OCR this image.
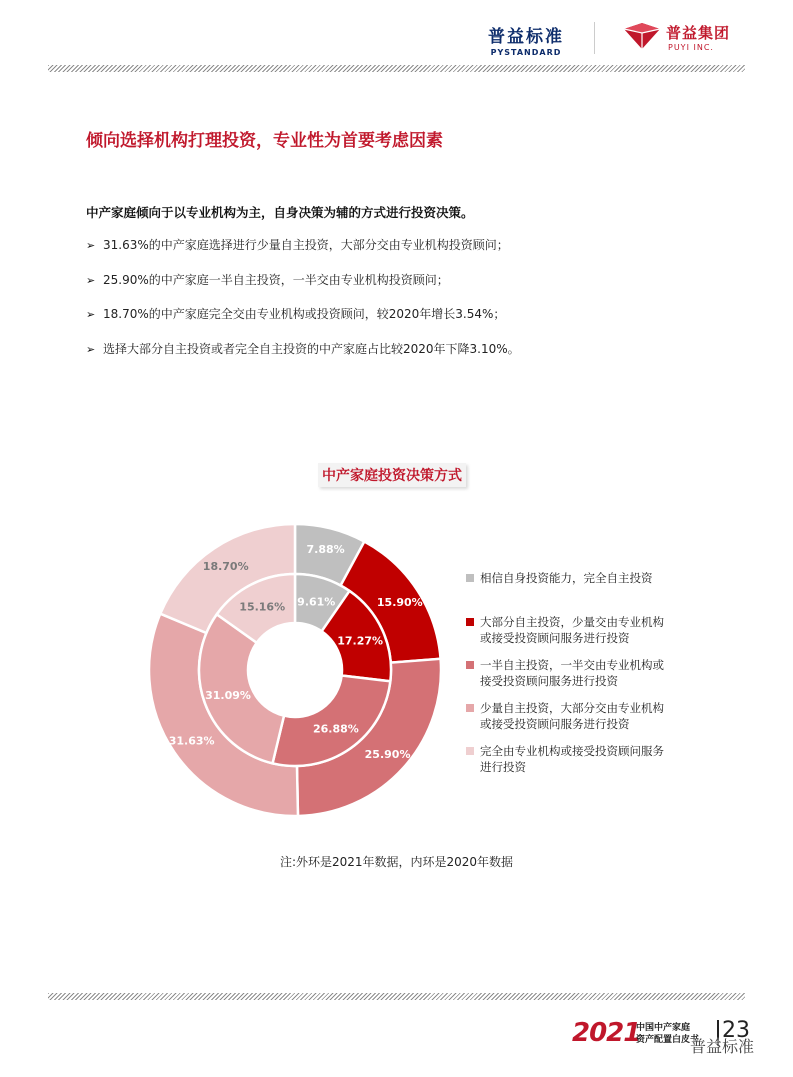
普益标准
PYSTANDARD
普益集团
PUYI INC.
倾向选择机构打理投资，专业性为首要考虑因素
中产家庭倾向于以专业机构为主，自身决策为辅的方式进行投资决策。
➢ 31.63%的中产家庭选择进行少量自主投资，大部分交由专业机构投资顾问；
➢ 25.90%的中产家庭一半自主投资，一半交由专业机构投资顾问；
➢ 18.70%的中产家庭完全交由专业机构或投资顾问，较2020年增长3.54%；
➢ 选择大部分自主投资或者完全自主投资的中产家庭占比较2020年下降3.10%。
中产家庭投资决策方式
7.88%
15.90%
25.90%
31.63%
18.70%
9.61%
17.27%
26.88%
31.09%
15.16%
相信自身投资能力，完全自主投资
大部分自主投资，少量交由专业机构
或接受投资顾问服务进行投资
一半自主投资，一半交由专业机构或
接受投资顾问服务进行投资
少量自主投资，大部分交由专业机构
或接受投资顾问服务进行投资
完全由专业机构或接受投资顾问服务
进行投资
注:外环是2021年数据，内环是2020年数据
2021
中国中产家庭
资产配置白皮书 23
普益标准
